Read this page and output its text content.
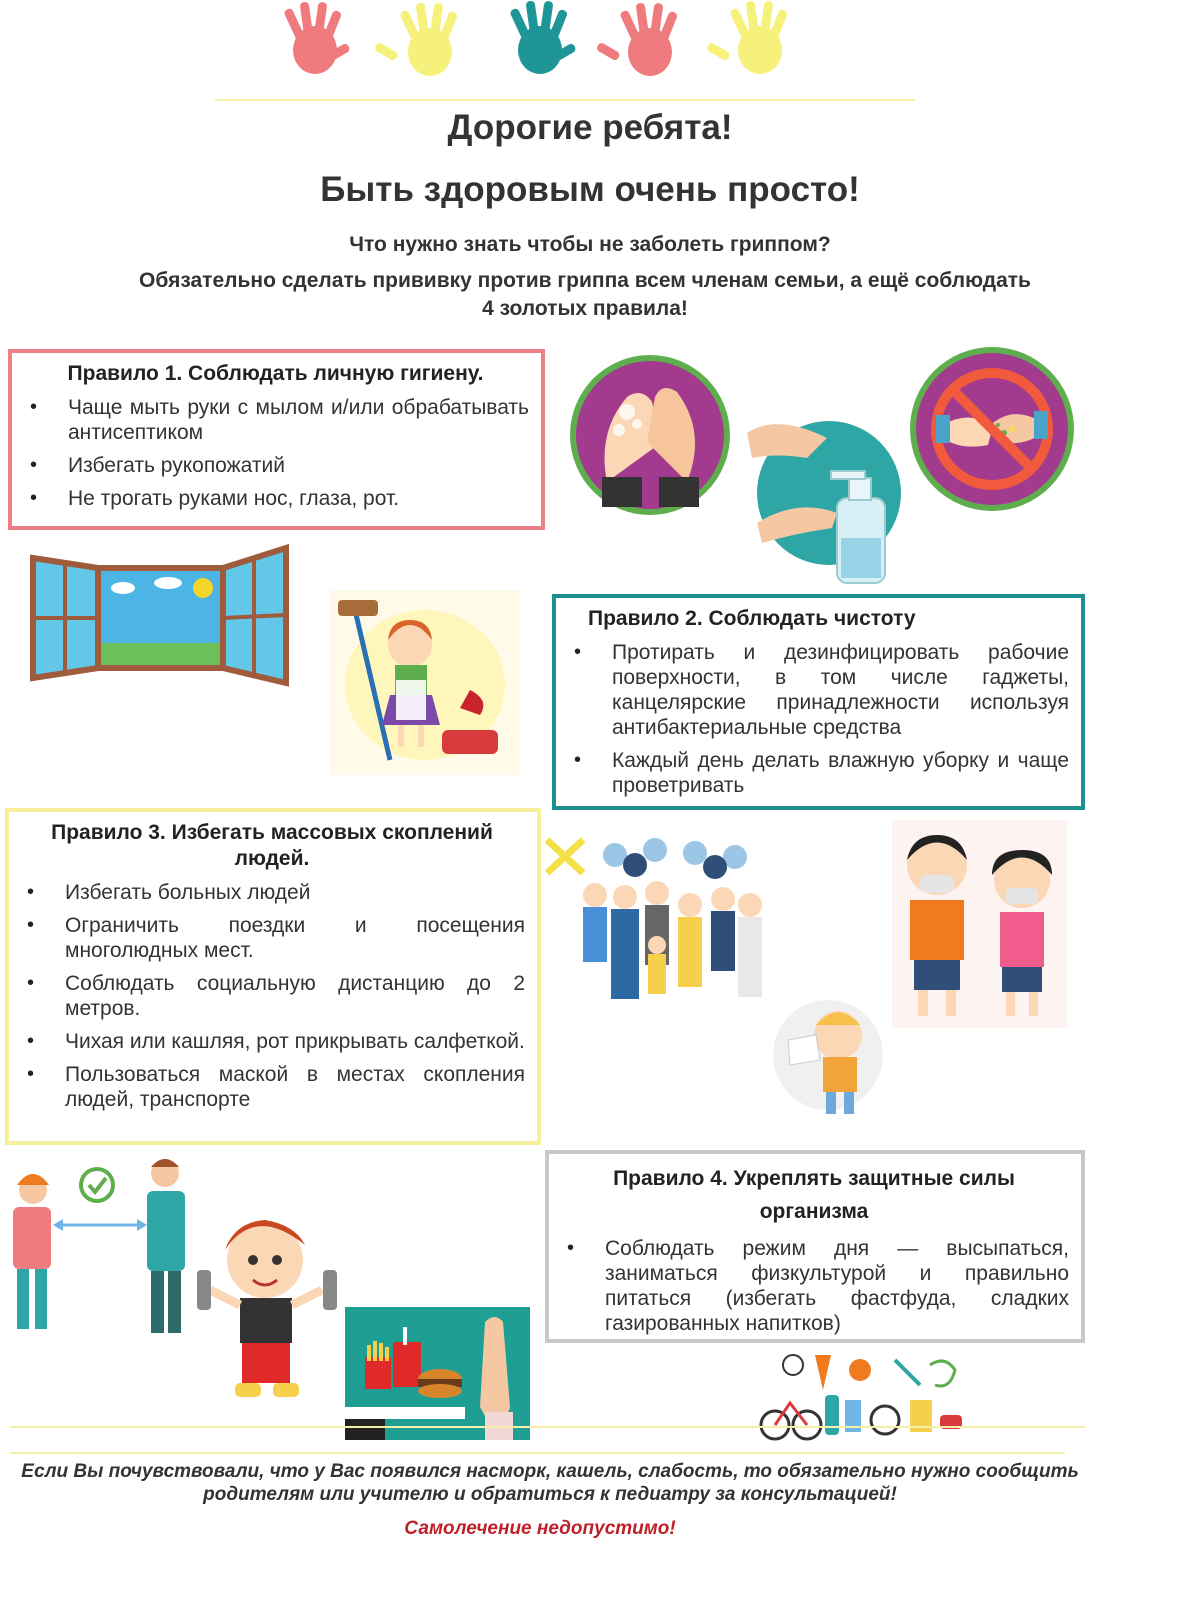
Дорогие ребята!
Быть здоровым очень просто!
Что нужно знать чтобы не заболеть гриппом?
Обязательно сделать прививку против гриппа всем членам семьи, а ещё соблюдать
4 золотых правила!
Правило 1. Соблюдать личную гигиену.
• Чаще мыть руки с мылом и/или обрабатывать антисептиком
• Избегать рукопожатий
• Не трогать руками нос, глаза, рот.
Правило 2. Соблюдать чистоту
• Протирать и дезинфицировать рабочие поверхности, в том числе гаджеты, канцелярские принадлежности используя антибактериальные средства
• Каждый день делать влажную уборку и чаще проветривать
Правило 3. Избегать массовых скоплений людей.
• Избегать больных людей
• Ограничить поездки и посещения многолюдных мест.
• Соблюдать социальную дистанцию до 2 метров.
• Чихая или кашляя, рот прикрывать салфеткой.
• Пользоваться маской в местах скопления людей, транспорте
Правило 4. Укреплять защитные силы организма
• Соблюдать режим дня — высыпаться, заниматься физкультурой и правильно питаться (избегать фастфуда, сладких газированных напитков)
Если Вы почувствовали, что у Вас появился насморк, кашель, слабость, то обязательно нужно сообщить
родителям или учителю и обратиться к педиатру за консультацией!
Самолечение недопустимо!
